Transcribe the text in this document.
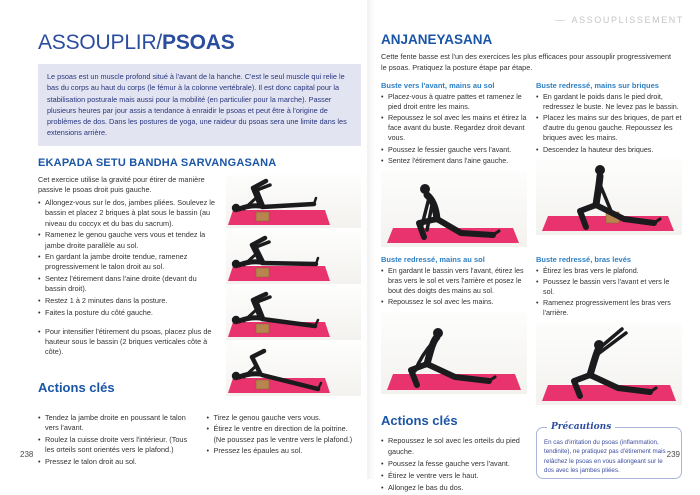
ASSOUPLISSEMENT
ASSOUPLIR/PSOAS
Le psoas est un muscle profond situé à l'avant de la hanche. C'est le seul muscle qui relie le bas du corps au haut du corps (le fémur à la colonne vertébrale). Il est donc capital pour la stabilisation posturale mais aussi pour la mobilité (en particulier pour la marche). Passer plusieurs heures par jour assis a tendance à enraidir le psoas et peut être à l'origine de problèmes de dos. Dans les postures de yoga, une raideur du psoas sera une limite dans les extensions arrière.
EKAPADA SETU BANDHA SARVANGASANA
Cet exercice utilise la gravité pour étirer de manière passive le psoas droit puis gauche.
• Allongez-vous sur le dos, jambes pliées. Soulevez le bassin et placez 2 briques à plat sous le bassin (au niveau du coccyx et du bas du sacrum).
• Ramenez le genou gauche vers vous et tendez la jambe droite parallèle au sol.
• En gardant la jambe droite tendue, ramenez progressivement le talon droit au sol.
• Sentez l'étirement dans l'aine droite (devant du bassin droit).
• Restez 1 à 2 minutes dans la posture.
• Faites la posture du côté gauche.
• Pour intensifier l'étirement du psoas, placez plus de hauteur sous le bassin (2 briques verticales côte à côte).
Actions clés
• Tendez la jambe droite en poussant le talon vers l'avant.
• Roulez la cuisse droite vers l'intérieur. (Tous les orteils sont orientés vers le plafond.)
• Pressez le talon droit au sol.
• Tirez le genou gauche vers vous.
• Étirez le ventre en direction de la poitrine. (Ne poussez pas le ventre vers le plafond.)
• Pressez les épaules au sol.
ANJANEYASANA

Cette fente basse est l'un des exercices les plus efficaces pour assouplir progressivement le psoas. Pratiquez la posture étape par étape.

Buste vers l'avant, mains au sol
• Placez-vous à quatre pattes et ramenez le pied droit entre les mains.
• Repoussez le sol avec les mains et étirez la face avant du buste. Regardez droit devant vous.
• Poussez le fessier gauche vers l'avant.
• Sentez l'étirement dans l'aine gauche.
Buste redressé, mains sur briques
• En gardant le poids dans le pied droit, redressez le buste. Ne levez pas le bassin.
• Placez les mains sur des briques, de part et d'autre du genou gauche. Repoussez les briques avec les mains.
• Descendez la hauteur des briques.
Buste redressé, mains au sol
• En gardant le bassin vers l'avant, étirez les bras vers le sol et vers l'arrière et posez le bout des doigts des mains au sol.
• Repoussez le sol avec les mains.
Buste redressé, bras levés
• Étirez les bras vers le plafond.
• Poussez le bassin vers l'avant et vers le sol.
• Ramenez progressivement les bras vers l'arrière.
Actions clés
• Repoussez le sol avec les orteils du pied gauche.
• Poussez la fesse gauche vers l'avant.
• Étirez le ventre vers le haut.
• Allongez le bas du dos.
Précautions
En cas d'irritation du psoas (inflammation, tendinite), ne pratiquez pas d'étirement mais relâchez le psoas en vous allongeant sur le dos avec les jambes pliées.
238	239
